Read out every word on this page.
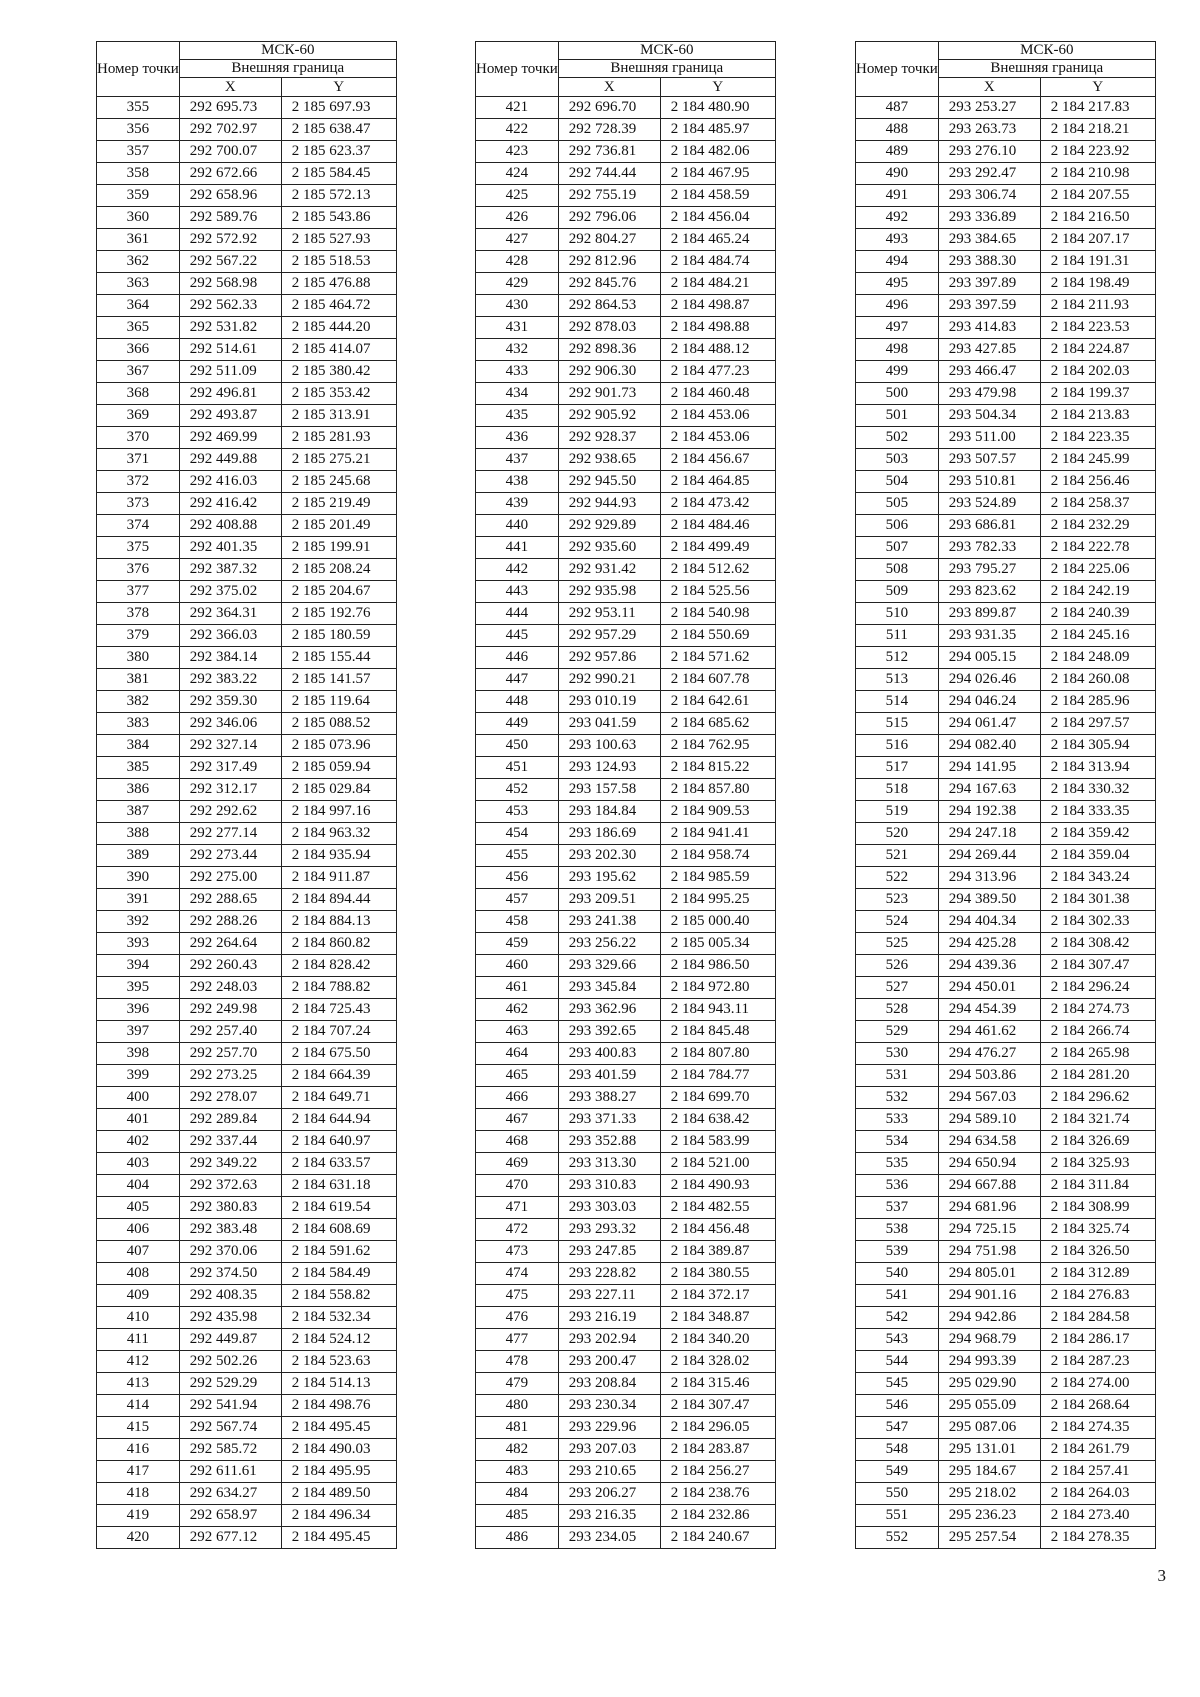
Номер точки	МСК-60	
	Внешняя граница	
	X	Y
355	292 695.73	2 185 697.93
356	292 702.97	2 185 638.47
357	292 700.07	2 185 623.37
358	292 672.66	2 185 584.45
359	292 658.96	2 185 572.13
360	292 589.76	2 185 543.86
361	292 572.92	2 185 527.93
362	292 567.22	2 185 518.53
363	292 568.98	2 185 476.88
364	292 562.33	2 185 464.72
365	292 531.82	2 185 444.20
366	292 514.61	2 185 414.07
367	292 511.09	2 185 380.42
368	292 496.81	2 185 353.42
369	292 493.87	2 185 313.91
370	292 469.99	2 185 281.93
371	292 449.88	2 185 275.21
372	292 416.03	2 185 245.68
373	292 416.42	2 185 219.49
374	292 408.88	2 185 201.49
375	292 401.35	2 185 199.91
376	292 387.32	2 185 208.24
377	292 375.02	2 185 204.67
378	292 364.31	2 185 192.76
379	292 366.03	2 185 180.59
380	292 384.14	2 185 155.44
381	292 383.22	2 185 141.57
382	292 359.30	2 185 119.64
383	292 346.06	2 185 088.52
384	292 327.14	2 185 073.96
385	292 317.49	2 185 059.94
386	292 312.17	2 185 029.84
387	292 292.62	2 184 997.16
388	292 277.14	2 184 963.32
389	292 273.44	2 184 935.94
390	292 275.00	2 184 911.87
391	292 288.65	2 184 894.44
392	292 288.26	2 184 884.13
393	292 264.64	2 184 860.82
394	292 260.43	2 184 828.42
395	292 248.03	2 184 788.82
396	292 249.98	2 184 725.43
397	292 257.40	2 184 707.24
398	292 257.70	2 184 675.50
399	292 273.25	2 184 664.39
400	292 278.07	2 184 649.71
401	292 289.84	2 184 644.94
402	292 337.44	2 184 640.97
403	292 349.22	2 184 633.57
404	292 372.63	2 184 631.18
405	292 380.83	2 184 619.54
406	292 383.48	2 184 608.69
407	292 370.06	2 184 591.62
408	292 374.50	2 184 584.49
409	292 408.35	2 184 558.82
410	292 435.98	2 184 532.34
411	292 449.87	2 184 524.12
412	292 502.26	2 184 523.63
413	292 529.29	2 184 514.13
414	292 541.94	2 184 498.76
415	292 567.74	2 184 495.45
416	292 585.72	2 184 490.03
417	292 611.61	2 184 495.95
418	292 634.27	2 184 489.50
419	292 658.97	2 184 496.34
420	292 677.12	2 184 495.45
Номер точки	МСК-60	
	Внешняя граница	
	X	Y
421	292 696.70	2 184 480.90
422	292 728.39	2 184 485.97
423	292 736.81	2 184 482.06
424	292 744.44	2 184 467.95
425	292 755.19	2 184 458.59
426	292 796.06	2 184 456.04
427	292 804.27	2 184 465.24
428	292 812.96	2 184 484.74
429	292 845.76	2 184 484.21
430	292 864.53	2 184 498.87
431	292 878.03	2 184 498.88
432	292 898.36	2 184 488.12
433	292 906.30	2 184 477.23
434	292 901.73	2 184 460.48
435	292 905.92	2 184 453.06
436	292 928.37	2 184 453.06
437	292 938.65	2 184 456.67
438	292 945.50	2 184 464.85
439	292 944.93	2 184 473.42
440	292 929.89	2 184 484.46
441	292 935.60	2 184 499.49
442	292 931.42	2 184 512.62
443	292 935.98	2 184 525.56
444	292 953.11	2 184 540.98
445	292 957.29	2 184 550.69
446	292 957.86	2 184 571.62
447	292 990.21	2 184 607.78
448	293 010.19	2 184 642.61
449	293 041.59	2 184 685.62
450	293 100.63	2 184 762.95
451	293 124.93	2 184 815.22
452	293 157.58	2 184 857.80
453	293 184.84	2 184 909.53
454	293 186.69	2 184 941.41
455	293 202.30	2 184 958.74
456	293 195.62	2 184 985.59
457	293 209.51	2 184 995.25
458	293 241.38	2 185 000.40
459	293 256.22	2 185 005.34
460	293 329.66	2 184 986.50
461	293 345.84	2 184 972.80
462	293 362.96	2 184 943.11
463	293 392.65	2 184 845.48
464	293 400.83	2 184 807.80
465	293 401.59	2 184 784.77
466	293 388.27	2 184 699.70
467	293 371.33	2 184 638.42
468	293 352.88	2 184 583.99
469	293 313.30	2 184 521.00
470	293 310.83	2 184 490.93
471	293 303.03	2 184 482.55
472	293 293.32	2 184 456.48
473	293 247.85	2 184 389.87
474	293 228.82	2 184 380.55
475	293 227.11	2 184 372.17
476	293 216.19	2 184 348.87
477	293 202.94	2 184 340.20
478	293 200.47	2 184 328.02
479	293 208.84	2 184 315.46
480	293 230.34	2 184 307.47
481	293 229.96	2 184 296.05
482	293 207.03	2 184 283.87
483	293 210.65	2 184 256.27
484	293 206.27	2 184 238.76
485	293 216.35	2 184 232.86
486	293 234.05	2 184 240.67
Номер точки	МСК-60	
	Внешняя граница	
	X	Y
487	293 253.27	2 184 217.83
488	293 263.73	2 184 218.21
489	293 276.10	2 184 223.92
490	293 292.47	2 184 210.98
491	293 306.74	2 184 207.55
492	293 336.89	2 184 216.50
493	293 384.65	2 184 207.17
494	293 388.30	2 184 191.31
495	293 397.89	2 184 198.49
496	293 397.59	2 184 211.93
497	293 414.83	2 184 223.53
498	293 427.85	2 184 224.87
499	293 466.47	2 184 202.03
500	293 479.98	2 184 199.37
501	293 504.34	2 184 213.83
502	293 511.00	2 184 223.35
503	293 507.57	2 184 245.99
504	293 510.81	2 184 256.46
505	293 524.89	2 184 258.37
506	293 686.81	2 184 232.29
507	293 782.33	2 184 222.78
508	293 795.27	2 184 225.06
509	293 823.62	2 184 242.19
510	293 899.87	2 184 240.39
511	293 931.35	2 184 245.16
512	294 005.15	2 184 248.09
513	294 026.46	2 184 260.08
514	294 046.24	2 184 285.96
515	294 061.47	2 184 297.57
516	294 082.40	2 184 305.94
517	294 141.95	2 184 313.94
518	294 167.63	2 184 330.32
519	294 192.38	2 184 333.35
520	294 247.18	2 184 359.42
521	294 269.44	2 184 359.04
522	294 313.96	2 184 343.24
523	294 389.50	2 184 301.38
524	294 404.34	2 184 302.33
525	294 425.28	2 184 308.42
526	294 439.36	2 184 307.47
527	294 450.01	2 184 296.24
528	294 454.39	2 184 274.73
529	294 461.62	2 184 266.74
530	294 476.27	2 184 265.98
531	294 503.86	2 184 281.20
532	294 567.03	2 184 296.62
533	294 589.10	2 184 321.74
534	294 634.58	2 184 326.69
535	294 650.94	2 184 325.93
536	294 667.88	2 184 311.84
537	294 681.96	2 184 308.99
538	294 725.15	2 184 325.74
539	294 751.98	2 184 326.50
540	294 805.01	2 184 312.89
541	294 901.16	2 184 276.83
542	294 942.86	2 184 284.58
543	294 968.79	2 184 286.17
544	294 993.39	2 184 287.23
545	295 029.90	2 184 274.00
546	295 055.09	2 184 268.64
547	295 087.06	2 184 274.35
548	295 131.01	2 184 261.79
549	295 184.67	2 184 257.41
550	295 218.02	2 184 264.03
551	295 236.23	2 184 273.40
552	295 257.54	2 184 278.35
3
